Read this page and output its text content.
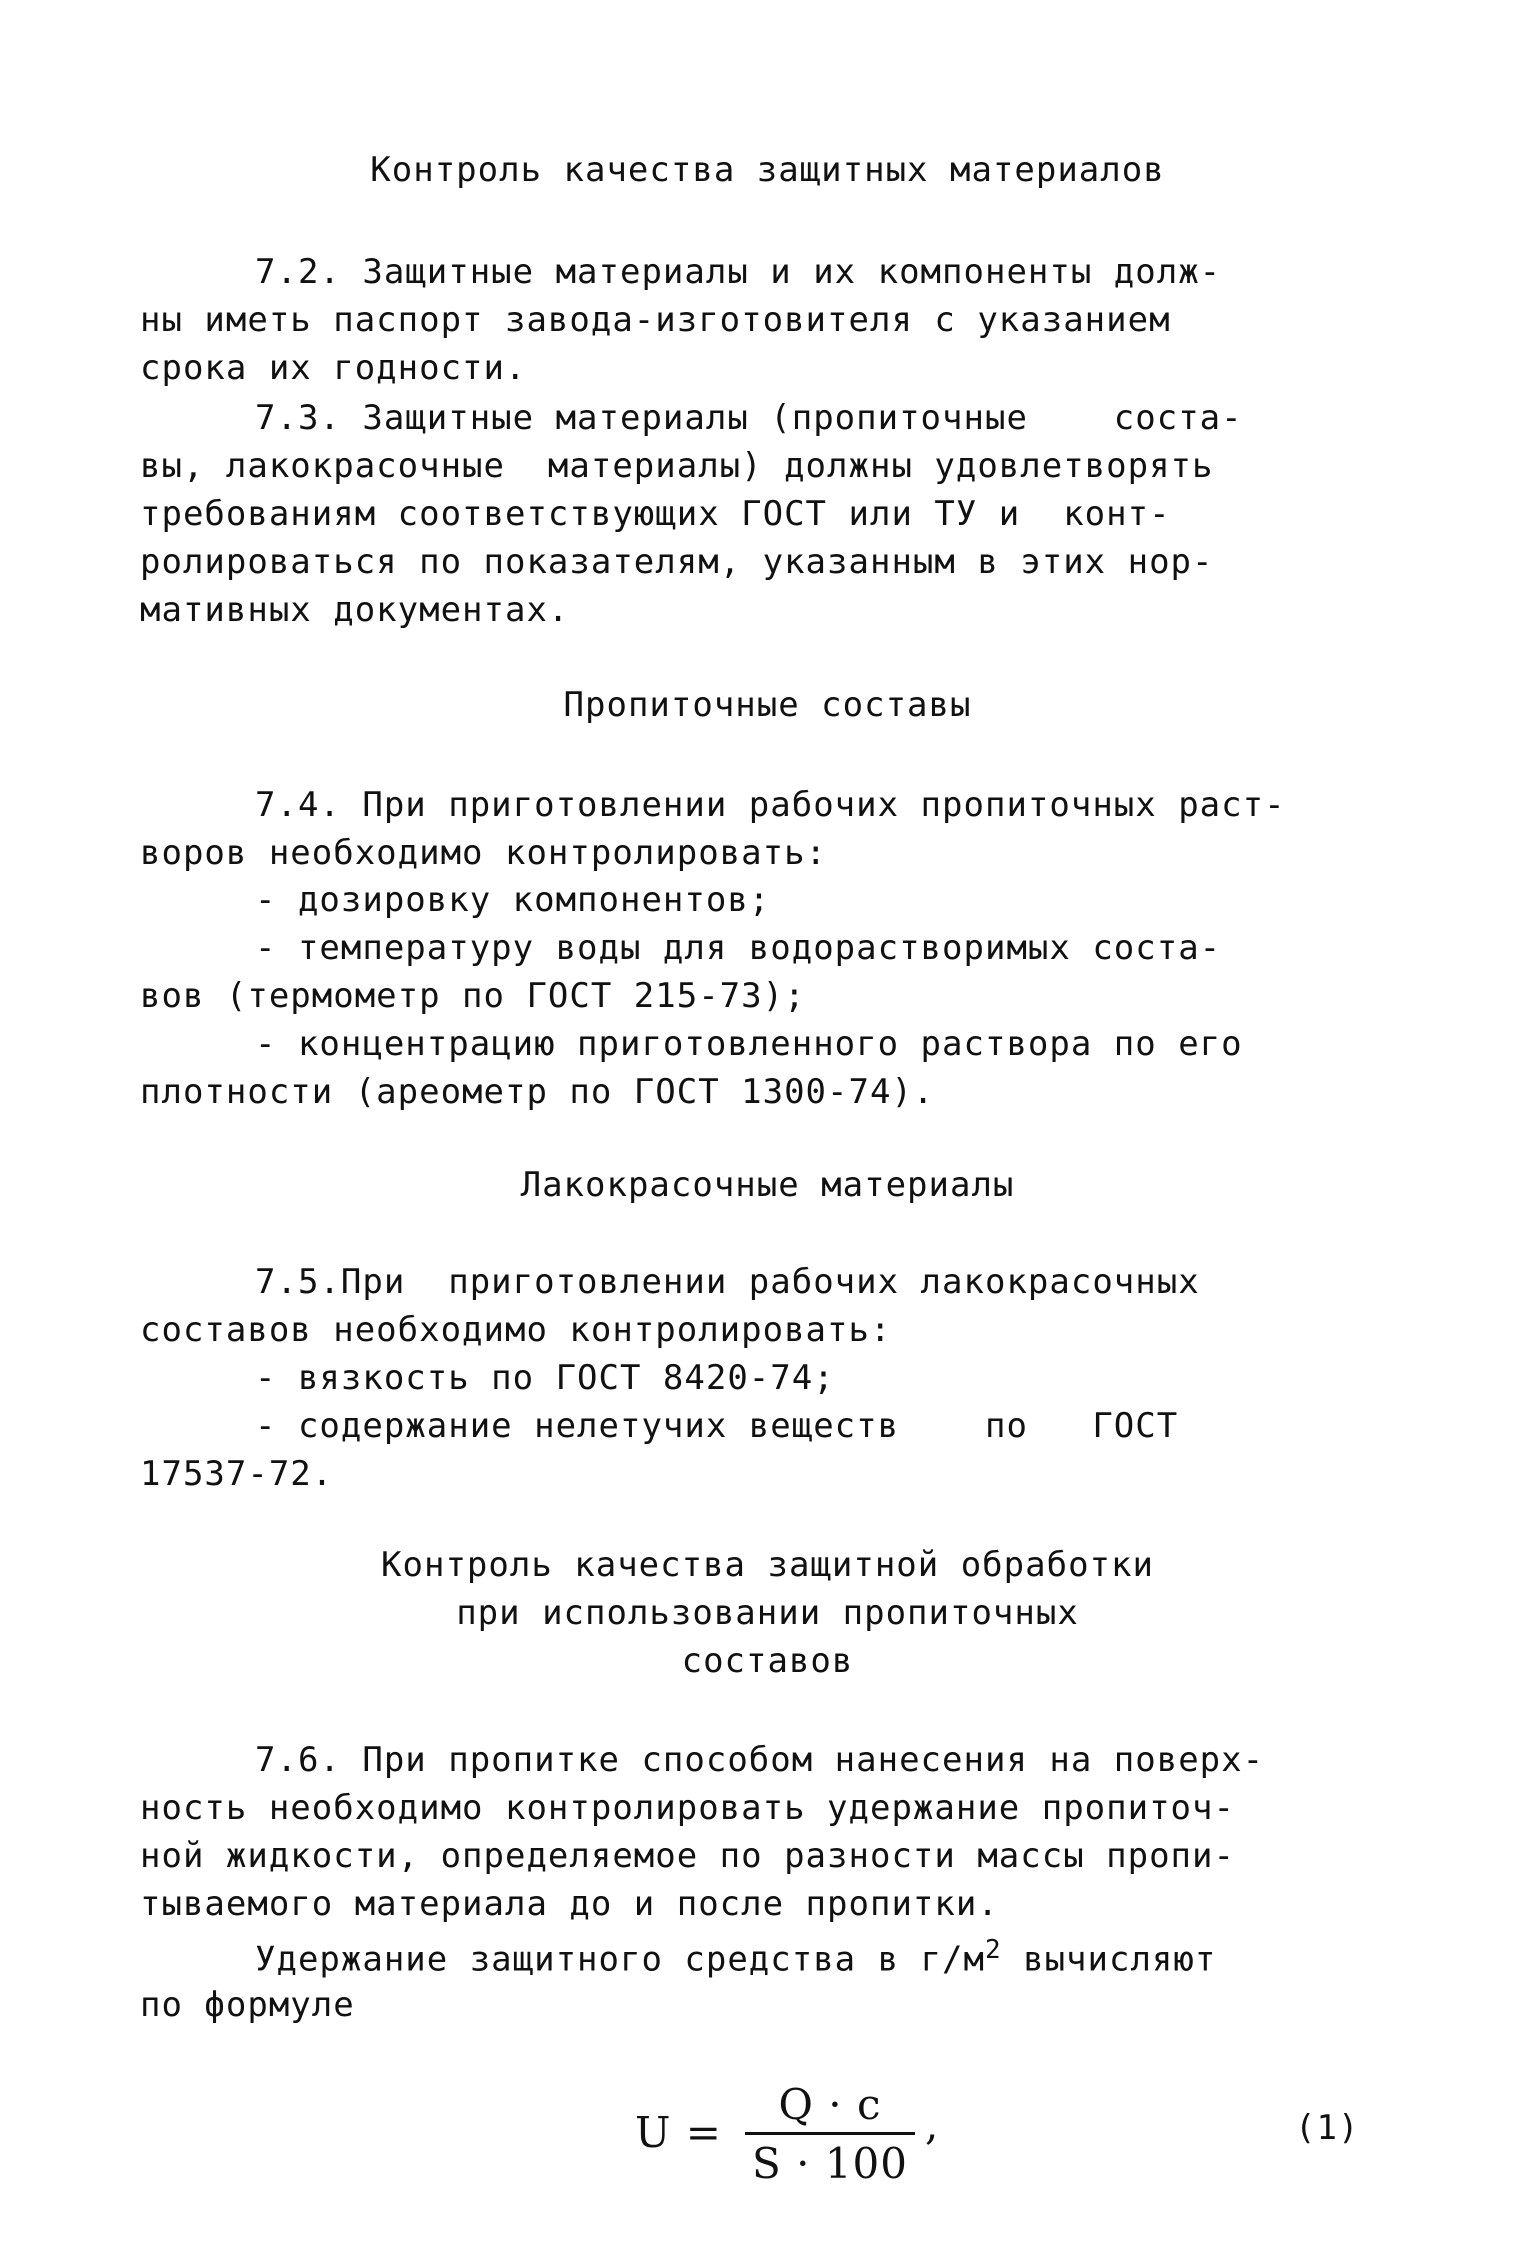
Контроль качества защитных материалов
7.2. Защитные материалы и их компоненты долж-
ны иметь паспорт завода-изготовителя с указанием
срока их годности.
7.3. Защитные материалы (пропиточные    соста-
вы, лакокрасочные  материалы) должны удовлетворять
требованиям соответствующих ГОСТ или ТУ и  конт-
ролироваться по показателям, указанным в этих нор-
мативных документах.
Пропиточные составы
7.4. При приготовлении рабочих пропиточных раст-
воров необходимо контролировать:
- дозировку компонентов;
- температуру воды для водорастворимых соста-
вов (термометр по ГОСТ 215-73);
- концентрацию приготовленного раствора по его
плотности (ареометр по ГОСТ 1300-74).
Лакокрасочные материалы
7.5.При  приготовлении рабочих лакокрасочных
составов необходимо контролировать:
- вязкость по ГОСТ 8420-74;
- содержание нелетучих веществ    по   ГОСТ
17537-72.
Контроль качества защитной обработки
при использовании пропиточных
составов
7.6. При пропитке способом нанесения на поверх-
ность необходимо контролировать удержание пропиточ-
ной жидкости, определяемое по разности массы пропи-
тываемого материала до и после пропитки.
Удержание защитного средства в $г/м^2$ вычисляют
по формуле
U =
Q · c
S · 100
,	(1)
